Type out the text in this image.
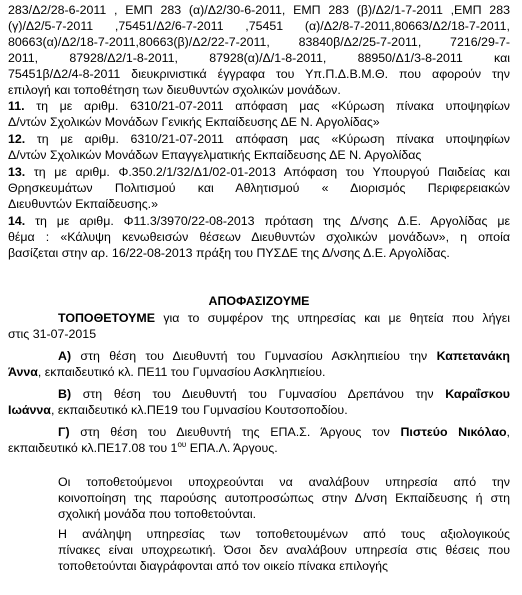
283/Δ2/28-6-2011 , ΕΜΠ 283 (α)/Δ2/30-6-2011, ΕΜΠ 283 (β)/Δ2/1-7-2011 ,ΕΜΠ 283
(γ)/Δ2/5-7-2011 ,75451/Δ2/6-7-2011 ,75451 (α)/Δ2/8-7-2011,80663/Δ2/18-7-2011,
80663(α)/Δ2/18-7-2011,80663(β)/Δ2/22-7-2011, 83840β/Δ2/25-7-2011, 7216/29-7-
2011, 87928/Δ2/1-8-2011, 87928(α)/Δ/1-8-2011, 88950/Δ1/3-8-2011 και
75451β/Δ2/4-8-2011 διευκρινιστικά έγγραφα του Υπ.Π.Δ.Β.Μ.Θ. που αφορούν την
επιλογή και τοποθέτηση των διευθυντών σχολικών μονάδων.
11. τη με αριθμ. 6310/21-07-2011 απόφαση μας «Κύρωση πίνακα υποψηφίων
Δ/ντών Σχολικών Μονάδων Γενικής Εκπαίδευσης ΔΕ Ν. Αργολίδας»
12. τη με αριθμ. 6310/21-07-2011 απόφαση μας «Κύρωση πίνακα υποψηφίων
Δ/ντών Σχολικών Μονάδων Επαγγελματικής Εκπαίδευσης ΔΕ Ν. Αργολίδας
13. τη με αριθμ. Φ.350.2/1/32/Δ1/02-01-2013 Απόφαση του Υπουργού Παιδείας και
Θρησκευμάτων Πολιτισμού και Αθλητισμού « Διορισμός Περιφερειακών
Διευθυντών Εκπαίδευσης.»
14. τη με αριθμ. Φ11.3/3970/22-08-2013 πρόταση της Δ/νσης Δ.Ε. Αργολίδας με
θέμα : «Κάλυψη κενωθεισών θέσεων Διευθυντών σχολικών μονάδων», η οποία
βασίζεται στην αρ. 16/22-08-2013 πράξη του ΠΥΣΔΕ της Δ/νσης Δ.Ε. Αργολίδας.
ΑΠΟΦΑΣΙΖΟΥΜΕ
ΤΟΠΟΘΕΤΟΥΜΕ για το συμφέρον της υπηρεσίας και με θητεία που λήγει
στις 31-07-2015
Α) στη θέση του Διευθυντή του Γυμνασίου Ασκληπιείου την Καπετανάκη
Άννα, εκπαιδευτικό κλ. ΠΕ11 του Γυμνασίου Ασκληπιείου.
Β) στη θέση του Διευθυντή του Γυμνασίου Δρεπάνου την Καραΐσκου
Ιωάννα, εκπαιδευτικό κλ.ΠΕ19 του Γυμνασίου Κουτσοποδίου.
Γ) στη θέση του Διευθυντή της ΕΠΑ.Σ. Άργους τον Πιστεύο Νικόλαο,
εκπαιδευτικό κλ.ΠΕ17.08 του $1^{o\upsilon}$ ΕΠΑ.Λ. Άργους.
Οι τοποθετούμενοι υποχρεούνται να αναλάβουν υπηρεσία από την
κοινοποίηση της παρούσης αυτοπροσώπως στην Δ/νση Εκπαίδευσης ή στη
σχολική μονάδα που τοποθετούνται.
Η ανάληψη υπηρεσίας των τοποθετουμένων από τους αξιολογικούς
πίνακες είναι υποχρεωτική. Όσοι δεν αναλάβουν υπηρεσία στις θέσεις που
τοποθετούνται διαγράφονται από τον οικείο πίνακα επιλογής
